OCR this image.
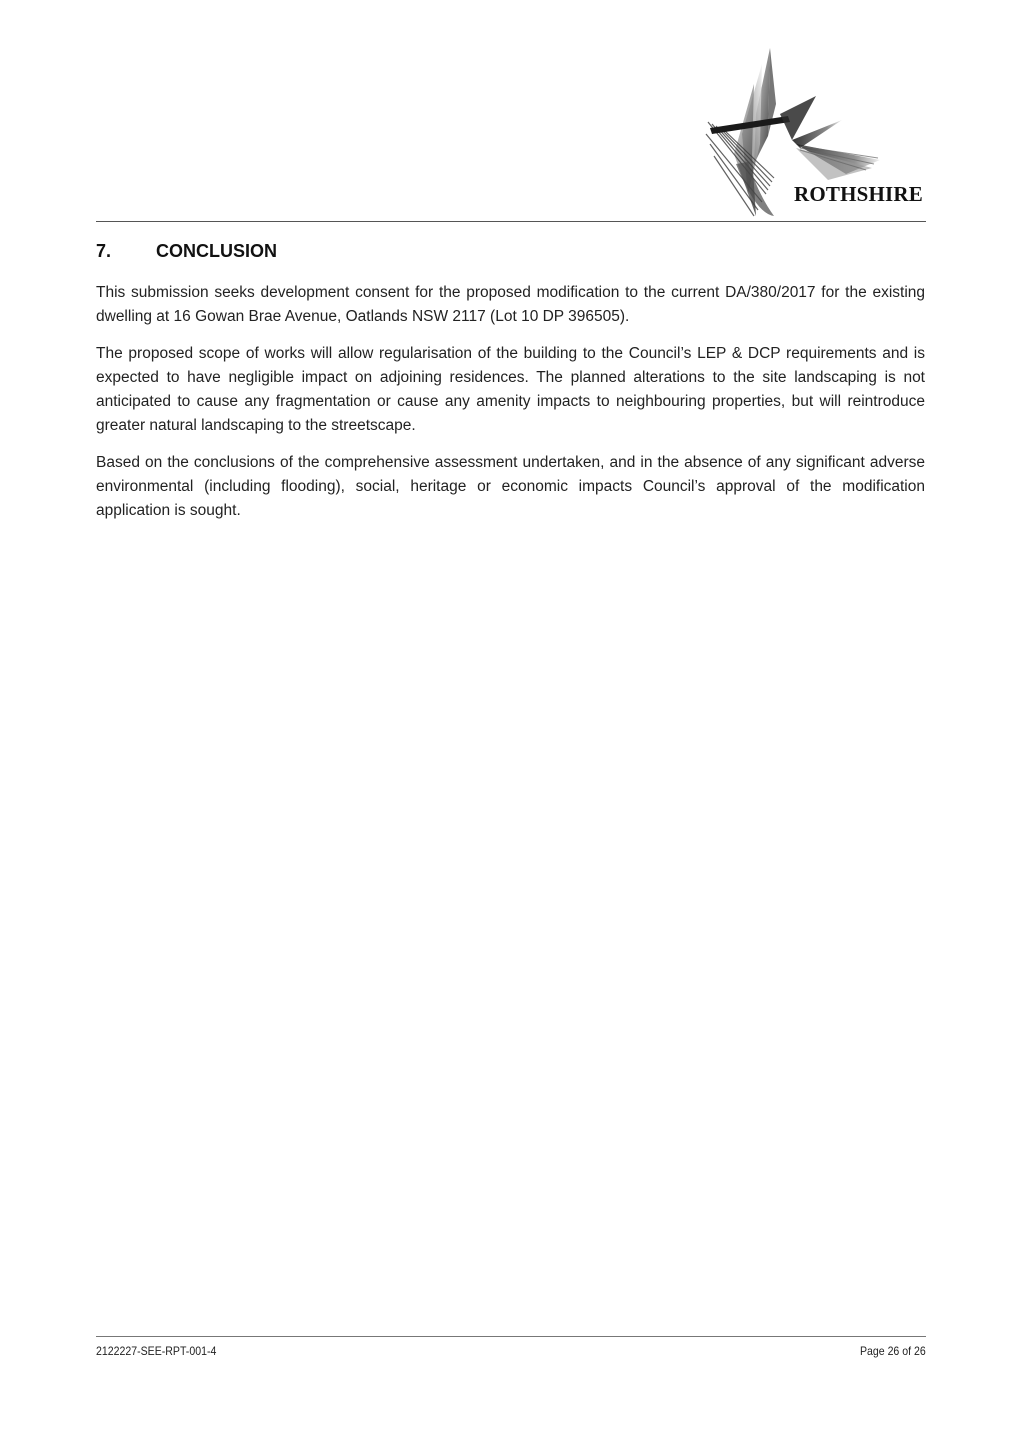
ROTHSHIRE
7. CONCLUSION

This submission seeks development consent for the proposed modification to the current DA/380/2017 for the existing dwelling at 16 Gowan Brae Avenue, Oatlands NSW 2117 (Lot 10 DP 396505).

The proposed scope of works will allow regularisation of the building to the Council’s LEP & DCP requirements and is expected to have negligible impact on adjoining residences. The planned alterations to the site landscaping is not anticipated to cause any fragmentation or cause any amenity impacts to neighbouring properties, but will reintroduce greater natural landscaping to the streetscape.

Based on the conclusions of the comprehensive assessment undertaken, and in the absence of any significant adverse environmental (including flooding), social, heritage or economic impacts Council’s approval of the modification application is sought.

2122227-SEE-RPT-001-4	Page 26 of 26
